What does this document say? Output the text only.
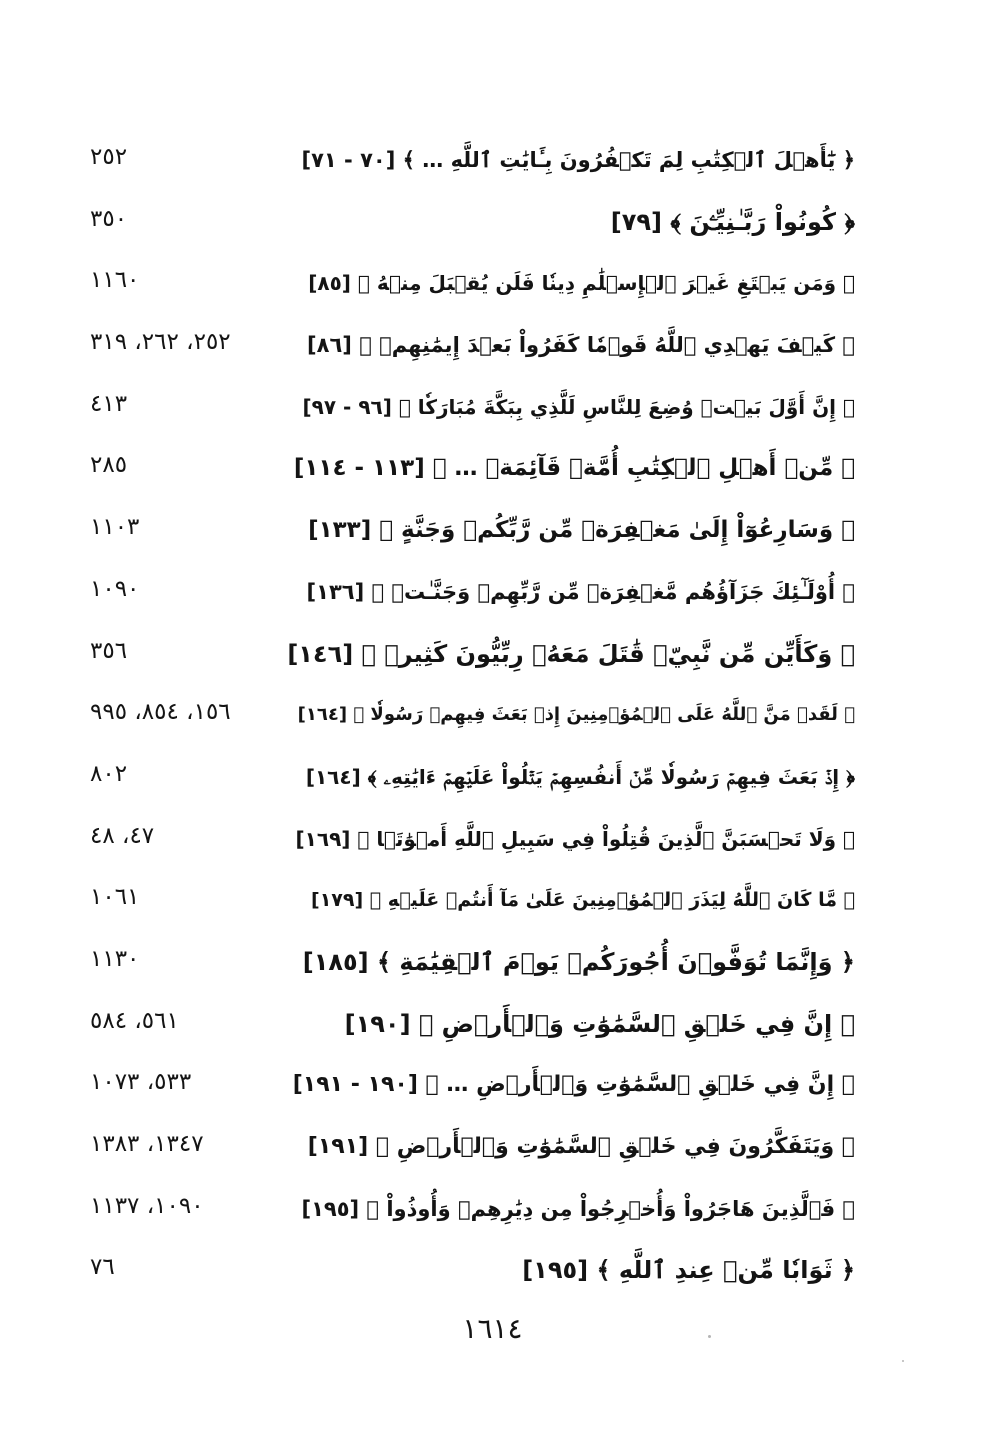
﴿ يَٰٓأَهۡلَ ٱلۡكِتَٰبِ لِمَ تَكۡفُرُونَ بِـَٔايَٰتِ ٱللَّهِ … ﴾ [٧٠ - ٧١]
٢٥٢
﴿ كُونُواْ رَبَّـٰنِيِّـۧنَ ﴾ [٧٩]
٣٥٠
﴿ وَمَن يَبۡتَغِ غَيۡرَ ٱلۡإِسۡلَٰمِ دِينٗا فَلَن يُقۡبَلَ مِنۡهُ ﴾ [٨٥]
١١٦٠
﴿ كَيۡفَ يَهۡدِي ٱللَّهُ قَوۡمٗا كَفَرُواْ بَعۡدَ إِيمَٰنِهِمۡ ﴾ [٨٦]
٢٥٢، ٢٦٢، ٣١٩
﴿ إِنَّ أَوَّلَ بَيۡتٖ وُضِعَ لِلنَّاسِ لَلَّذِي بِبَكَّةَ مُبَارَكٗا ﴾ [٩٦ - ٩٧]
٤١٣
﴿ مِّنۡ أَهۡلِ ٱلۡكِتَٰبِ أُمَّةٞ قَآئِمَةٞ … ﴾ [١١٣ - ١١٤]
٢٨٥
﴿ وَسَارِعُوٓاْ إِلَىٰ مَغۡفِرَةٖ مِّن رَّبِّكُمۡ وَجَنَّةٍ ﴾ [١٣٣]
١١٠٣
﴿ أُوْلَـٰٓئِكَ جَزَآؤُهُم مَّغۡفِرَةٞ مِّن رَّبِّهِمۡ وَجَنَّـٰتٞ ﴾ [١٣٦]
١٠٩٠
﴿ وَكَأَيِّن مِّن نَّبِيّٖ قَٰتَلَ مَعَهُۥ رِبِّيُّونَ كَثِيرٞ ﴾ [١٤٦]
٣٥٦
﴿ لَقَدۡ مَنَّ ٱللَّهُ عَلَى ٱلۡمُؤۡمِنِينَ إِذۡ بَعَثَ فِيهِمۡ رَسُولٗا ﴾ [١٦٤]
١٥٦، ٨٥٤، ٩٩٥
﴿ إِذۡ بَعَثَ فِيهِمۡ رَسُولٗا مِّنۡ أَنفُسِهِمۡ يَتۡلُواْ عَلَيۡهِمۡ ءَايَٰتِهِۦ ﴾ [١٦٤]
٨٠٢
﴿ وَلَا تَحۡسَبَنَّ ٱلَّذِينَ قُتِلُواْ فِي سَبِيلِ ٱللَّهِ أَمۡوَٰتَۢا ﴾ [١٦٩]
٤٧، ٤٨
﴿ مَّا كَانَ ٱللَّهُ لِيَذَرَ ٱلۡمُؤۡمِنِينَ عَلَىٰ مَآ أَنتُمۡ عَلَيۡهِ ﴾ [١٧٩]
١٠٦١
﴿ وَإِنَّمَا تُوَفَّوۡنَ أُجُورَكُمۡ يَوۡمَ ٱلۡقِيَٰمَةِ ﴾ [١٨٥]
١١٣٠
﴿ إِنَّ فِي خَلۡقِ ٱلسَّمَٰوَٰتِ وَٱلۡأَرۡضِ ﴾ [١٩٠]
٥٦١، ٥٨٤
﴿ إِنَّ فِي خَلۡقِ ٱلسَّمَٰوَٰتِ وَٱلۡأَرۡضِ … ﴾ [١٩٠ - ١٩١]
٥٣٣، ١٠٧٣
﴿ وَيَتَفَكَّرُونَ فِي خَلۡقِ ٱلسَّمَٰوَٰتِ وَٱلۡأَرۡضِ ﴾ [١٩١]
١٣٤٧، ١٣٨٣
﴿ فَٱلَّذِينَ هَاجَرُواْ وَأُخۡرِجُواْ مِن دِيَٰرِهِمۡ وَأُوذُواْ ﴾ [١٩٥]
١٠٩٠، ١١٣٧
﴿ ثَوَابٗا مِّنۡ عِندِ ٱللَّهِ ﴾ [١٩٥]
٧٦
١٦١٤
